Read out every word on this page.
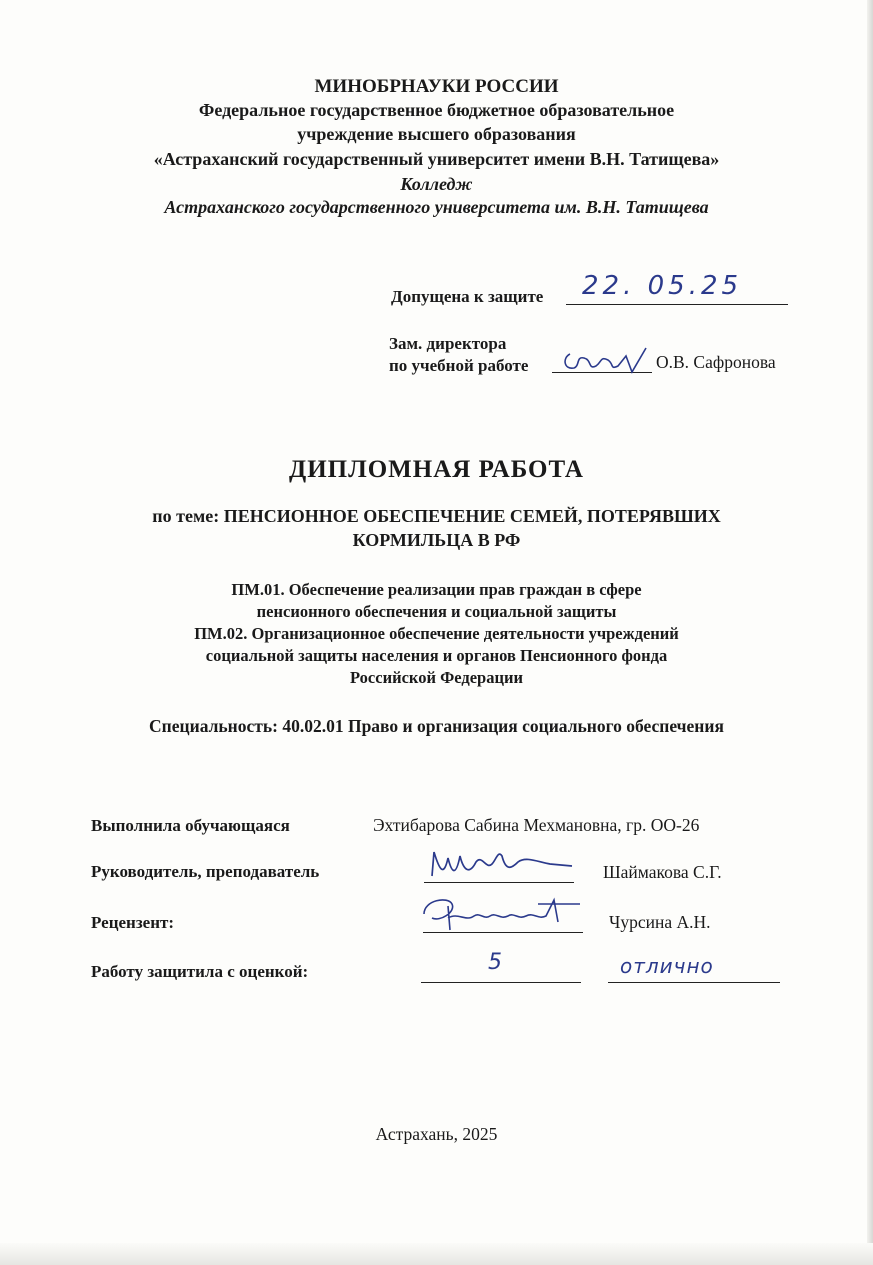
МИНОБРНАУКИ РОССИИ
Федеральное государственное бюджетное образовательное
учреждение высшего образования
«Астраханский государственный университет имени В.Н. Татищева»
Колледж
Астраханского государственного университета им. В.Н. Татищева
Допущена к защите 22. 05.25
Зам. директора
по учебной работе	О.В. Сафронова
ДИПЛОМНАЯ РАБОТА
по теме: ПЕНСИОННОЕ ОБЕСПЕЧЕНИЕ СЕМЕЙ, ПОТЕРЯВШИХ
КОРМИЛЬЦА В РФ
ПМ.01. Обеспечение реализации прав граждан в сфере
пенсионного обеспечения и социальной защиты
ПМ.02. Организационное обеспечение деятельности учреждений
социальной защиты населения и органов Пенсионного фонда
Российской Федерации
Специальность: 40.02.01 Право и организация социального обеспечения
Выполнила обучающаяся	Эхтибарова Сабина Мехмановна, гр. ОО-26
Руководитель, преподаватель	Шаймакова С.Г.
Рецензент:	Чурсина А.Н.
Работу защитила с оценкой:	5	отлично
Астрахань, 2025
